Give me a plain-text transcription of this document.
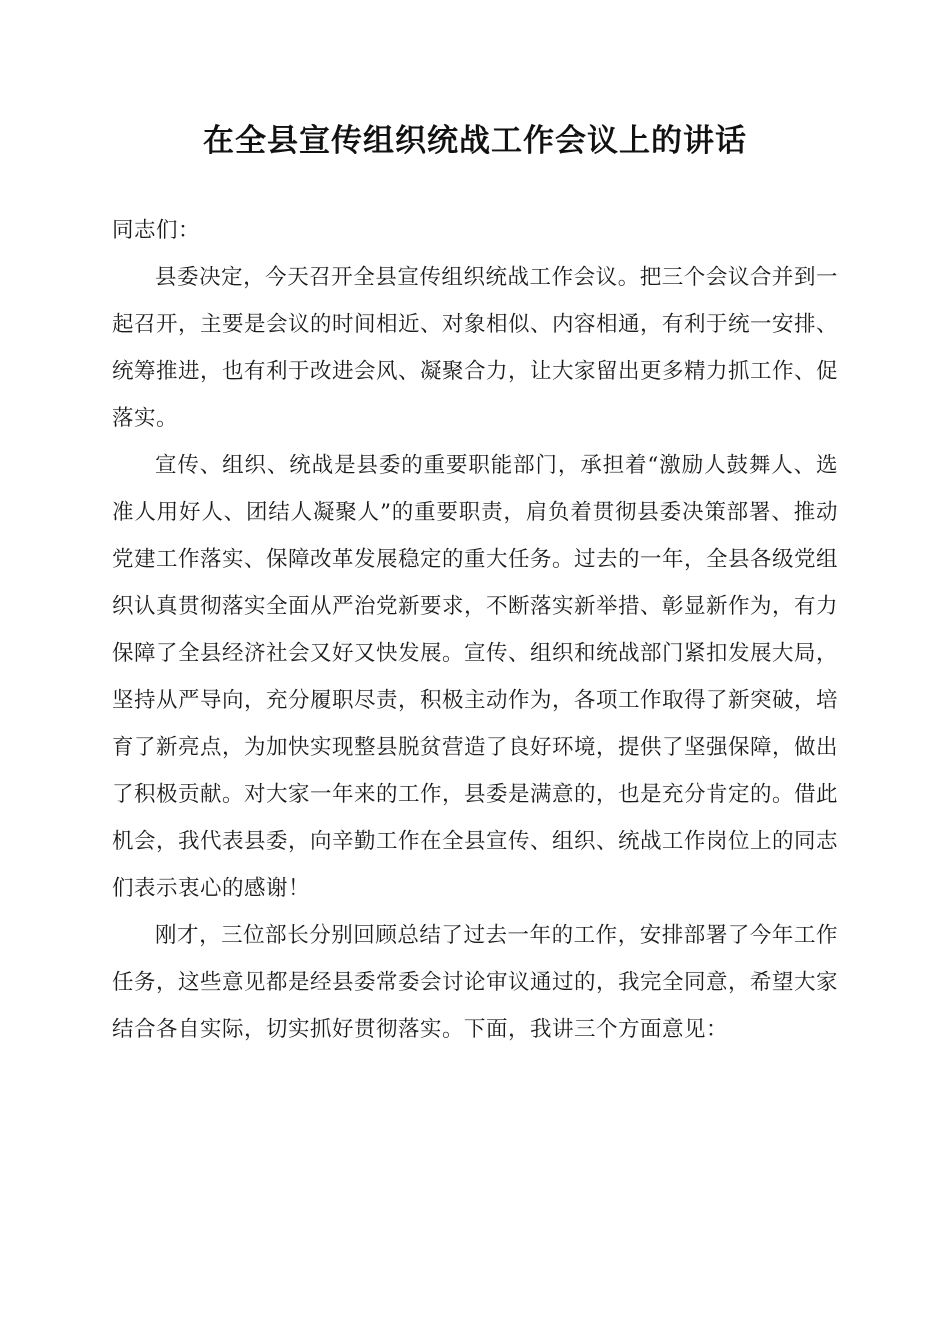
在全县宣传组织统战工作会议上的讲话

同志们：

县委决定，今天召开全县宣传组织统战工作会议。把三个会议合并到一起召开，主要是会议的时间相近、对象相似、内容相通，有利于统一安排、统筹推进，也有利于改进会风、凝聚合力，让大家留出更多精力抓工作、促落实。

宣传、组织、统战是县委的重要职能部门，承担着“激励人鼓舞人、选准人用好人、团结人凝聚人”的重要职责，肩负着贯彻县委决策部署、推动党建工作落实、保障改革发展稳定的重大任务。过去的一年，全县各级党组织认真贯彻落实全面从严治党新要求，不断落实新举措、彰显新作为，有力保障了全县经济社会又好又快发展。宣传、组织和统战部门紧扣发展大局，坚持从严导向，充分履职尽责，积极主动作为，各项工作取得了新突破，培育了新亮点，为加快实现整县脱贫营造了良好环境，提供了坚强保障，做出了积极贡献。对大家一年来的工作，县委是满意的，也是充分肯定的。借此机会，我代表县委，向辛勤工作在全县宣传、组织、统战工作岗位上的同志们表示衷心的感谢！

刚才，三位部长分别回顾总结了过去一年的工作，安排部署了今年工作任务，这些意见都是经县委常委会讨论审议通过的，我完全同意，希望大家结合各自实际，切实抓好贯彻落实。下面，我讲三个方面意见：
